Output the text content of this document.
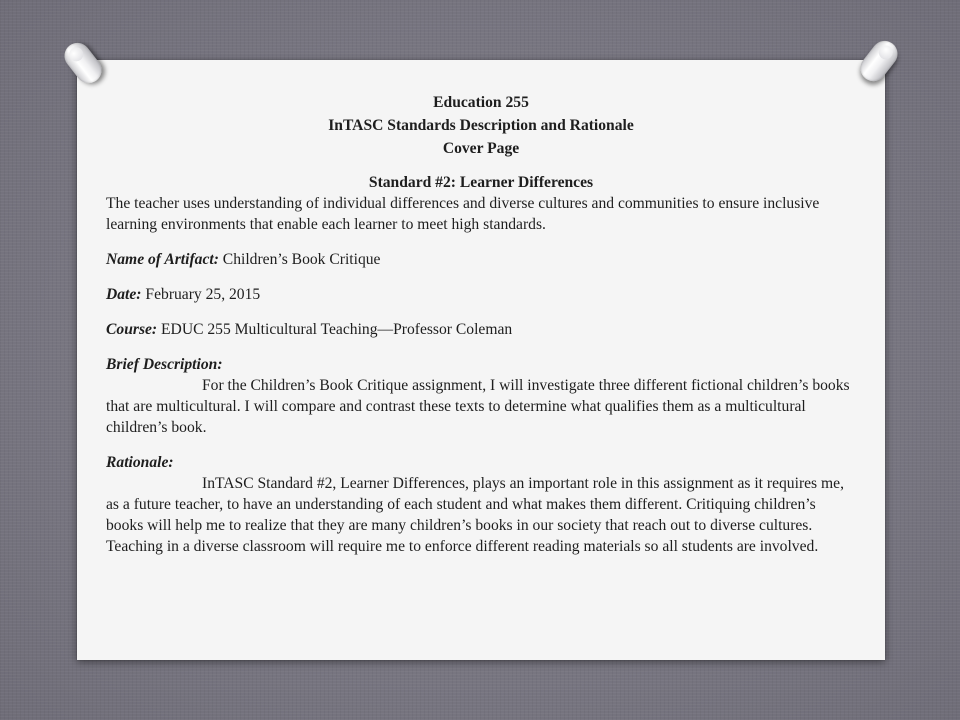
Education 255

InTASC Standards Description and Rationale

Cover Page

Standard #2: Learner Differences

The teacher uses understanding of individual differences and diverse cultures and communities to ensure inclusive learning environments that enable each learner to meet high standards.

Name of Artifact: Children’s Book Critique

Date: February 25, 2015

Course: EDUC 255 Multicultural Teaching—Professor Coleman

Brief Description:

For the Children’s Book Critique assignment, I will investigate three different fictional children’s books that are multicultural. I will compare and contrast these texts to determine what qualifies them as a multicultural children’s book.

Rationale:

InTASC Standard #2, Learner Differences, plays an important role in this assignment as it requires me, as a future teacher, to have an understanding of each student and what makes them different. Critiquing children’s books will help me to realize that they are many children’s books in our society that reach out to diverse cultures. Teaching in a diverse classroom will require me to enforce different reading materials so all students are involved.
